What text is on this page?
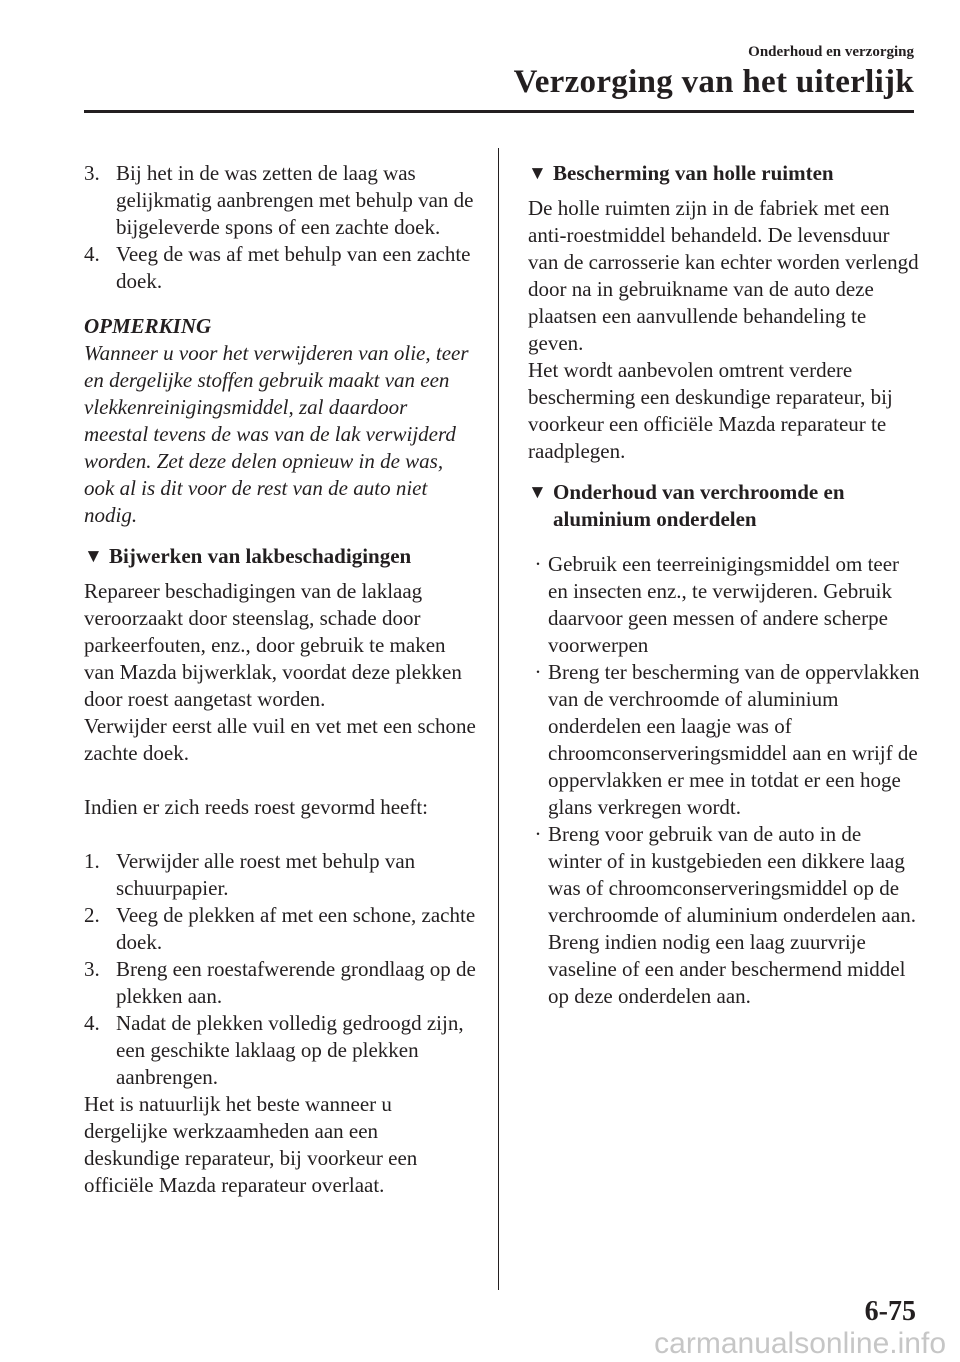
Onderhoud en verzorging
Verzorging van het uiterlijk
3. Bij het in de was zetten de laag was gelijkmatig aanbrengen met behulp van de bijgeleverde spons of een zachte doek.
4. Veeg de was af met behulp van een zachte doek.
OPMERKING

Wanneer u voor het verwijderen van olie, teer en dergelijke stoffen gebruik maakt van een vlekkenreinigingsmiddel, zal daardoor meestal tevens de was van de lak verwijderd worden. Zet deze delen opnieuw in de was, ook al is dit voor de rest van de auto niet nodig.

▼ Bijwerken van lakbeschadigingen

Repareer beschadigingen van de laklaag veroorzaakt door steenslag, schade door parkeerfouten, enz., door gebruik te maken van Mazda bijwerklak, voordat deze plekken door roest aangetast worden.

Verwijder eerst alle vuil en vet met een schone zachte doek.

Indien er zich reeds roest gevormd heeft:

1. Verwijder alle roest met behulp van schuurpapier.
2. Veeg de plekken af met een schone, zachte doek.
3. Breng een roestafwerende grondlaag op de plekken aan.
4. Nadat de plekken volledig gedroogd zijn, een geschikte laklaag op de plekken aanbrengen.

Het is natuurlijk het beste wanneer u dergelijke werkzaamheden aan een deskundige reparateur, bij voorkeur een officiële Mazda reparateur overlaat.

▼ Bescherming van holle ruimten

De holle ruimten zijn in de fabriek met een anti-roestmiddel behandeld. De levensduur van de carrosserie kan echter worden verlengd door na in gebruikname van de auto deze plaatsen een aanvullende behandeling te geven.

Het wordt aanbevolen omtrent verdere bescherming een deskundige reparateur, bij voorkeur een officiële Mazda reparateur te raadplegen.

▼ Onderhoud van verchroomde en aluminium onderdelen
· Gebruik een teerreinigingsmiddel om teer en insecten enz., te verwijderen. Gebruik daarvoor geen messen of andere scherpe voorwerpen
· Breng ter bescherming van de oppervlakken van de verchroomde of aluminium onderdelen een laagje was of chroomconserveringsmiddel aan en wrijf de oppervlakken er mee in totdat er een hoge glans verkregen wordt.
· Breng voor gebruik van de auto in de winter of in kustgebieden een dikkere laag was of chroomconserveringsmiddel op de verchroomde of aluminium onderdelen aan. Breng indien nodig een laag zuurvrije vaseline of een ander beschermend middel op deze onderdelen aan.
6-75
carmanualsonline.info
